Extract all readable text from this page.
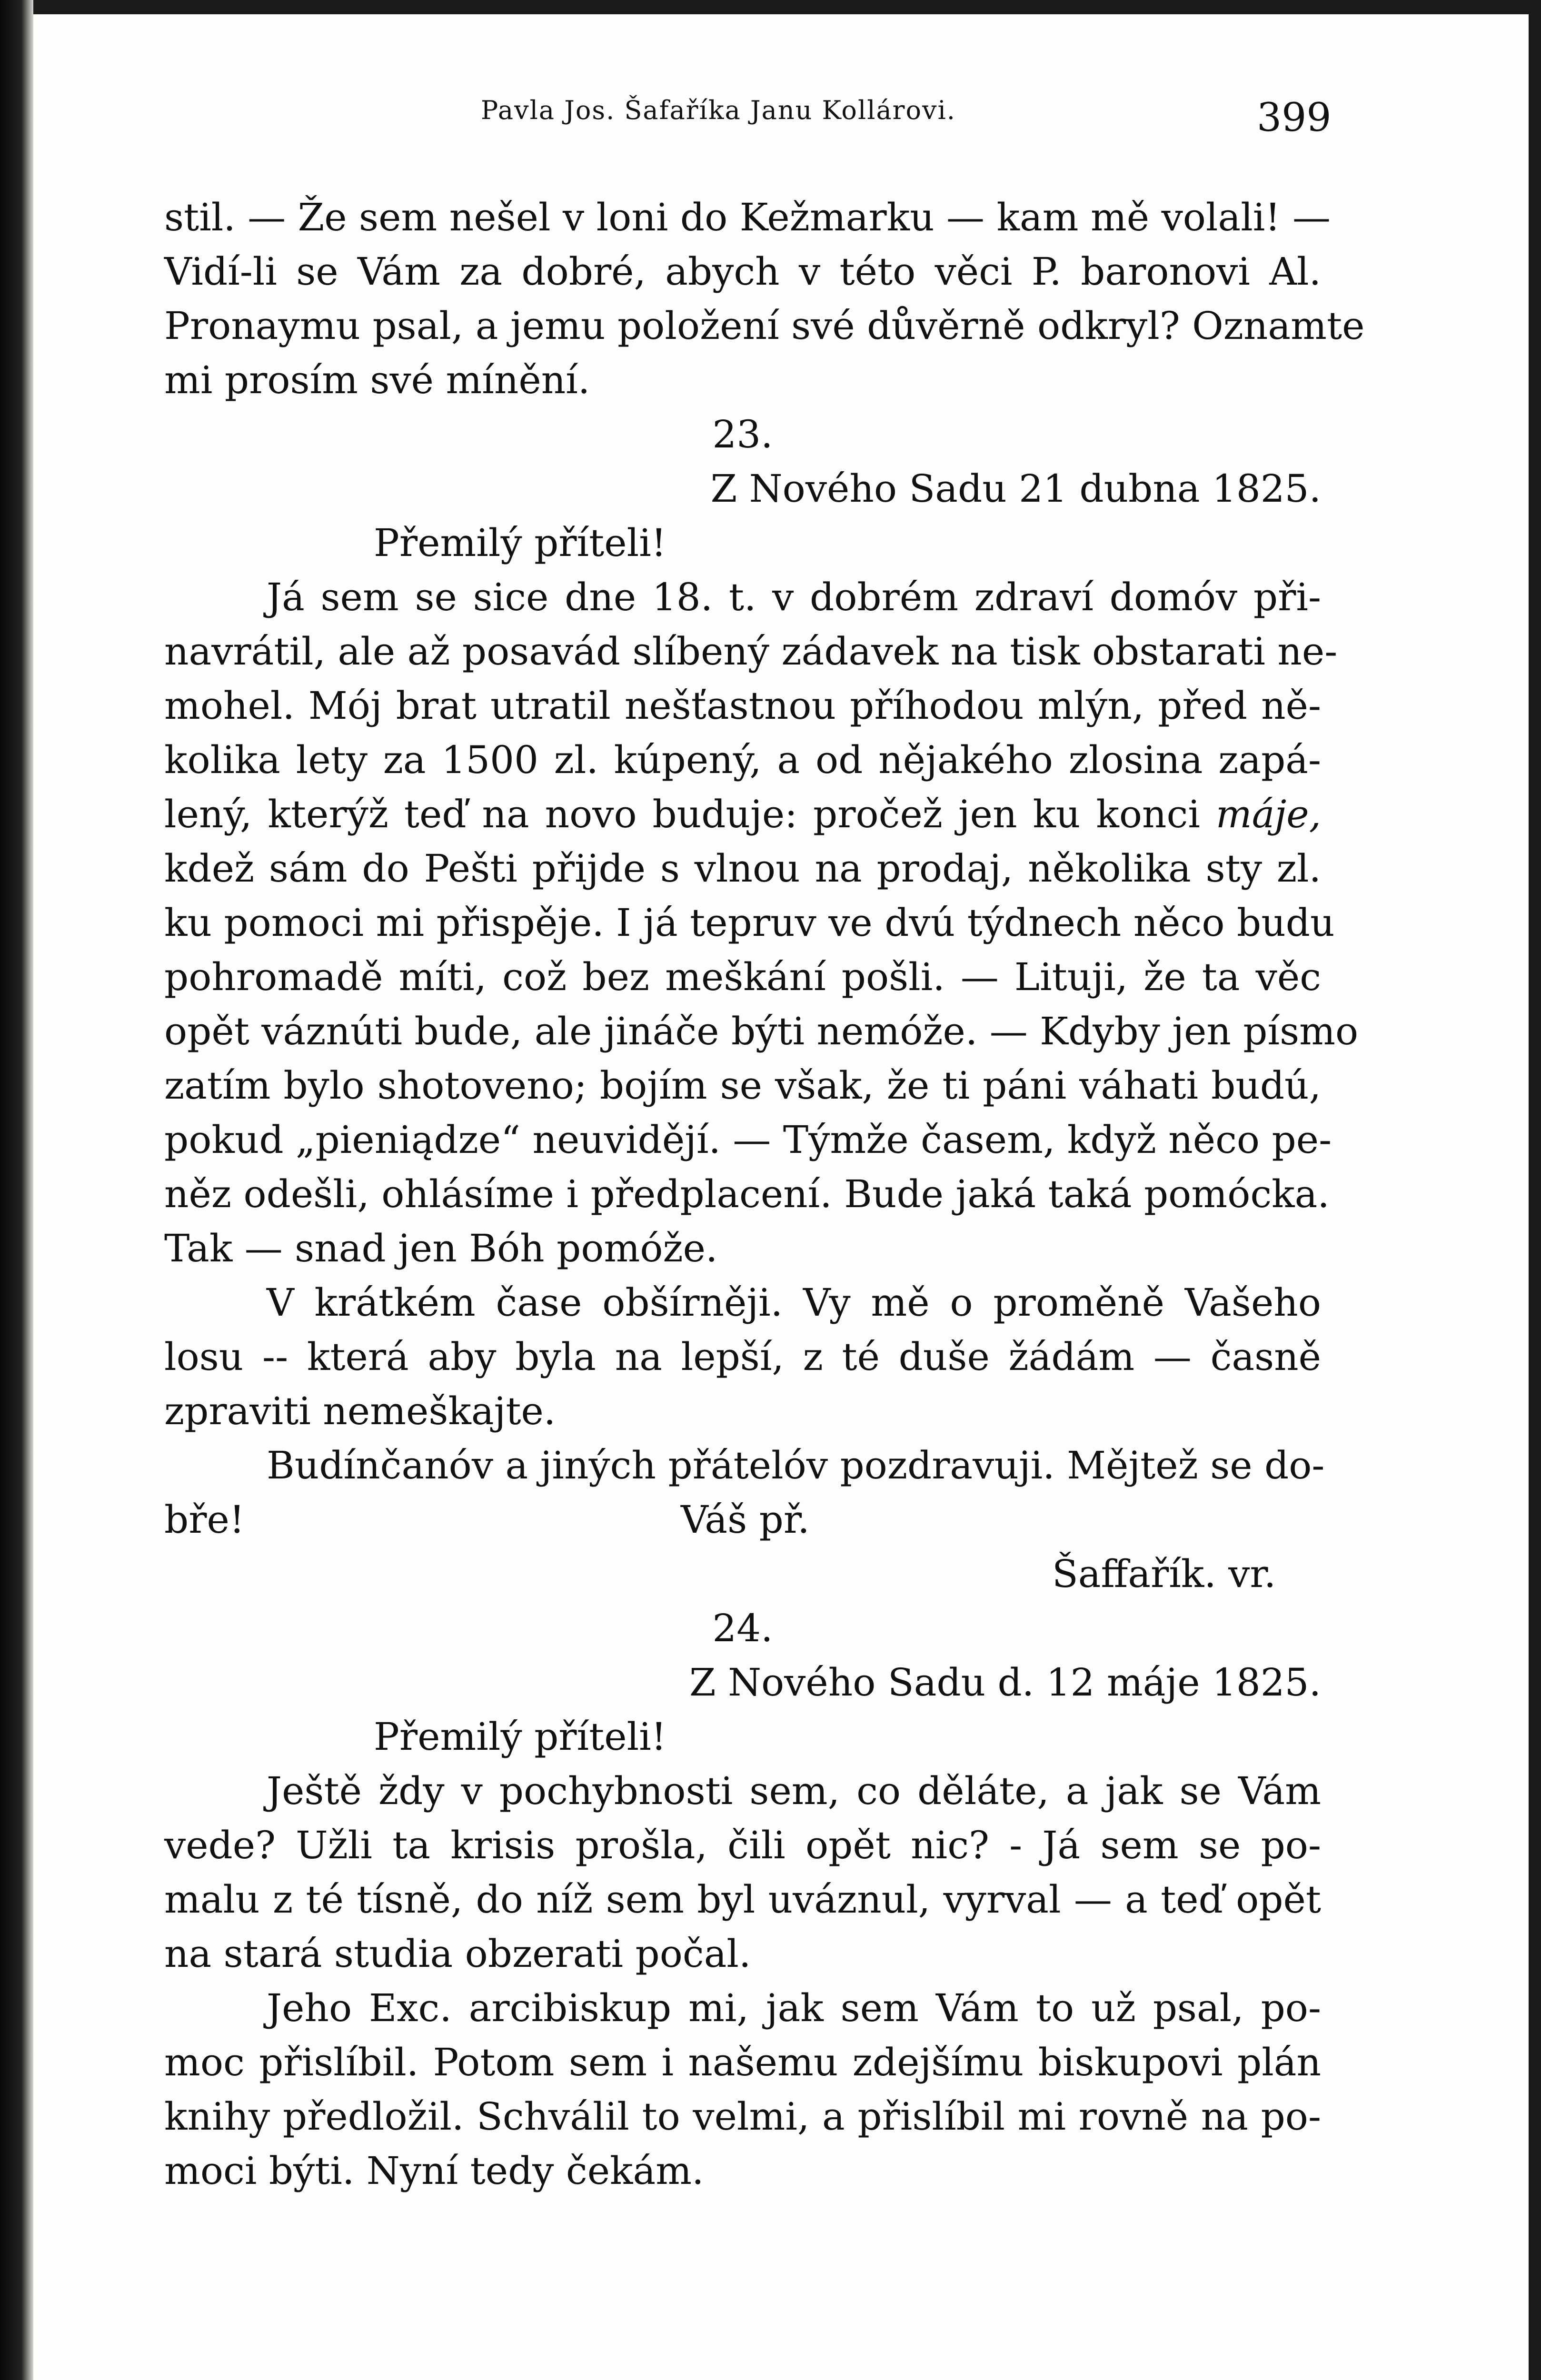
Pavla Jos. Šafaříka Janu Kollárovi.	399
stil. — Že sem nešel v loni do Kežmarku — kam mě volali! —
Vidí-li se Vám za dobré, abych v této věci P. baronovi Al.
Pronaymu psal, a jemu položení své důvěrně odkryl? Oznamte
mi prosím své mínění.
23.
Z Nového Sadu 21 dubna 1825.
Přemilý příteli!
Já sem se sice dne 18. t. v dobrém zdraví domóv při-
navrátil, ale až posavád slíbený zádavek na tisk obstarati ne-
mohel. Mój brat utratil nešťastnou příhodou mlýn, před ně-
kolika lety za 1500 zl. kúpený, a od nějakého zlosina zapá-
lený, kterýž teď na novo buduje: pročež jen ku konci máje,
kdež sám do Pešti přijde s vlnou na prodaj, několika sty zl.
ku pomoci mi přispěje. I já tepruv ve dvú týdnech něco budu
pohromadě míti, což bez meškání pošli. — Lituji, že ta věc
opět váznúti bude, ale jináče býti nemóže. — Kdyby jen písmo
zatím bylo shotoveno; bojím se však, že ti páni váhati budú,
pokud „pieniądze“ neuvidějí. — Týmže časem, když něco pe-
něz odešli, ohlásíme i předplacení. Bude jaká taká pomócka.
Tak — snad jen Bóh pomóže.
V krátkém čase obšírněji. Vy mě o proměně Vašeho
losu -- která aby byla na lepší, z té duše žádám — časně
zpraviti nemeškajte.
Budínčanóv a jiných přátelóv pozdravuji. Mějtež se do-
bře!	Váš př.
Šaffařík. vr.
24.
Z Nového Sadu d. 12 máje 1825.
Přemilý příteli!
Ještě ždy v pochybnosti sem, co děláte, a jak se Vám
vede? Užli ta krisis prošla, čili opět nic? - Já sem se po-
malu z té tísně, do níž sem byl uváznul, vyrval — a teď opět
na stará studia obzerati počal.
Jeho Exc. arcibiskup mi, jak sem Vám to už psal, po-
moc přislíbil. Potom sem i našemu zdejšímu biskupovi plán
knihy předložil. Schválil to velmi, a přislíbil mi rovně na po-
moci býti. Nyní tedy čekám.
